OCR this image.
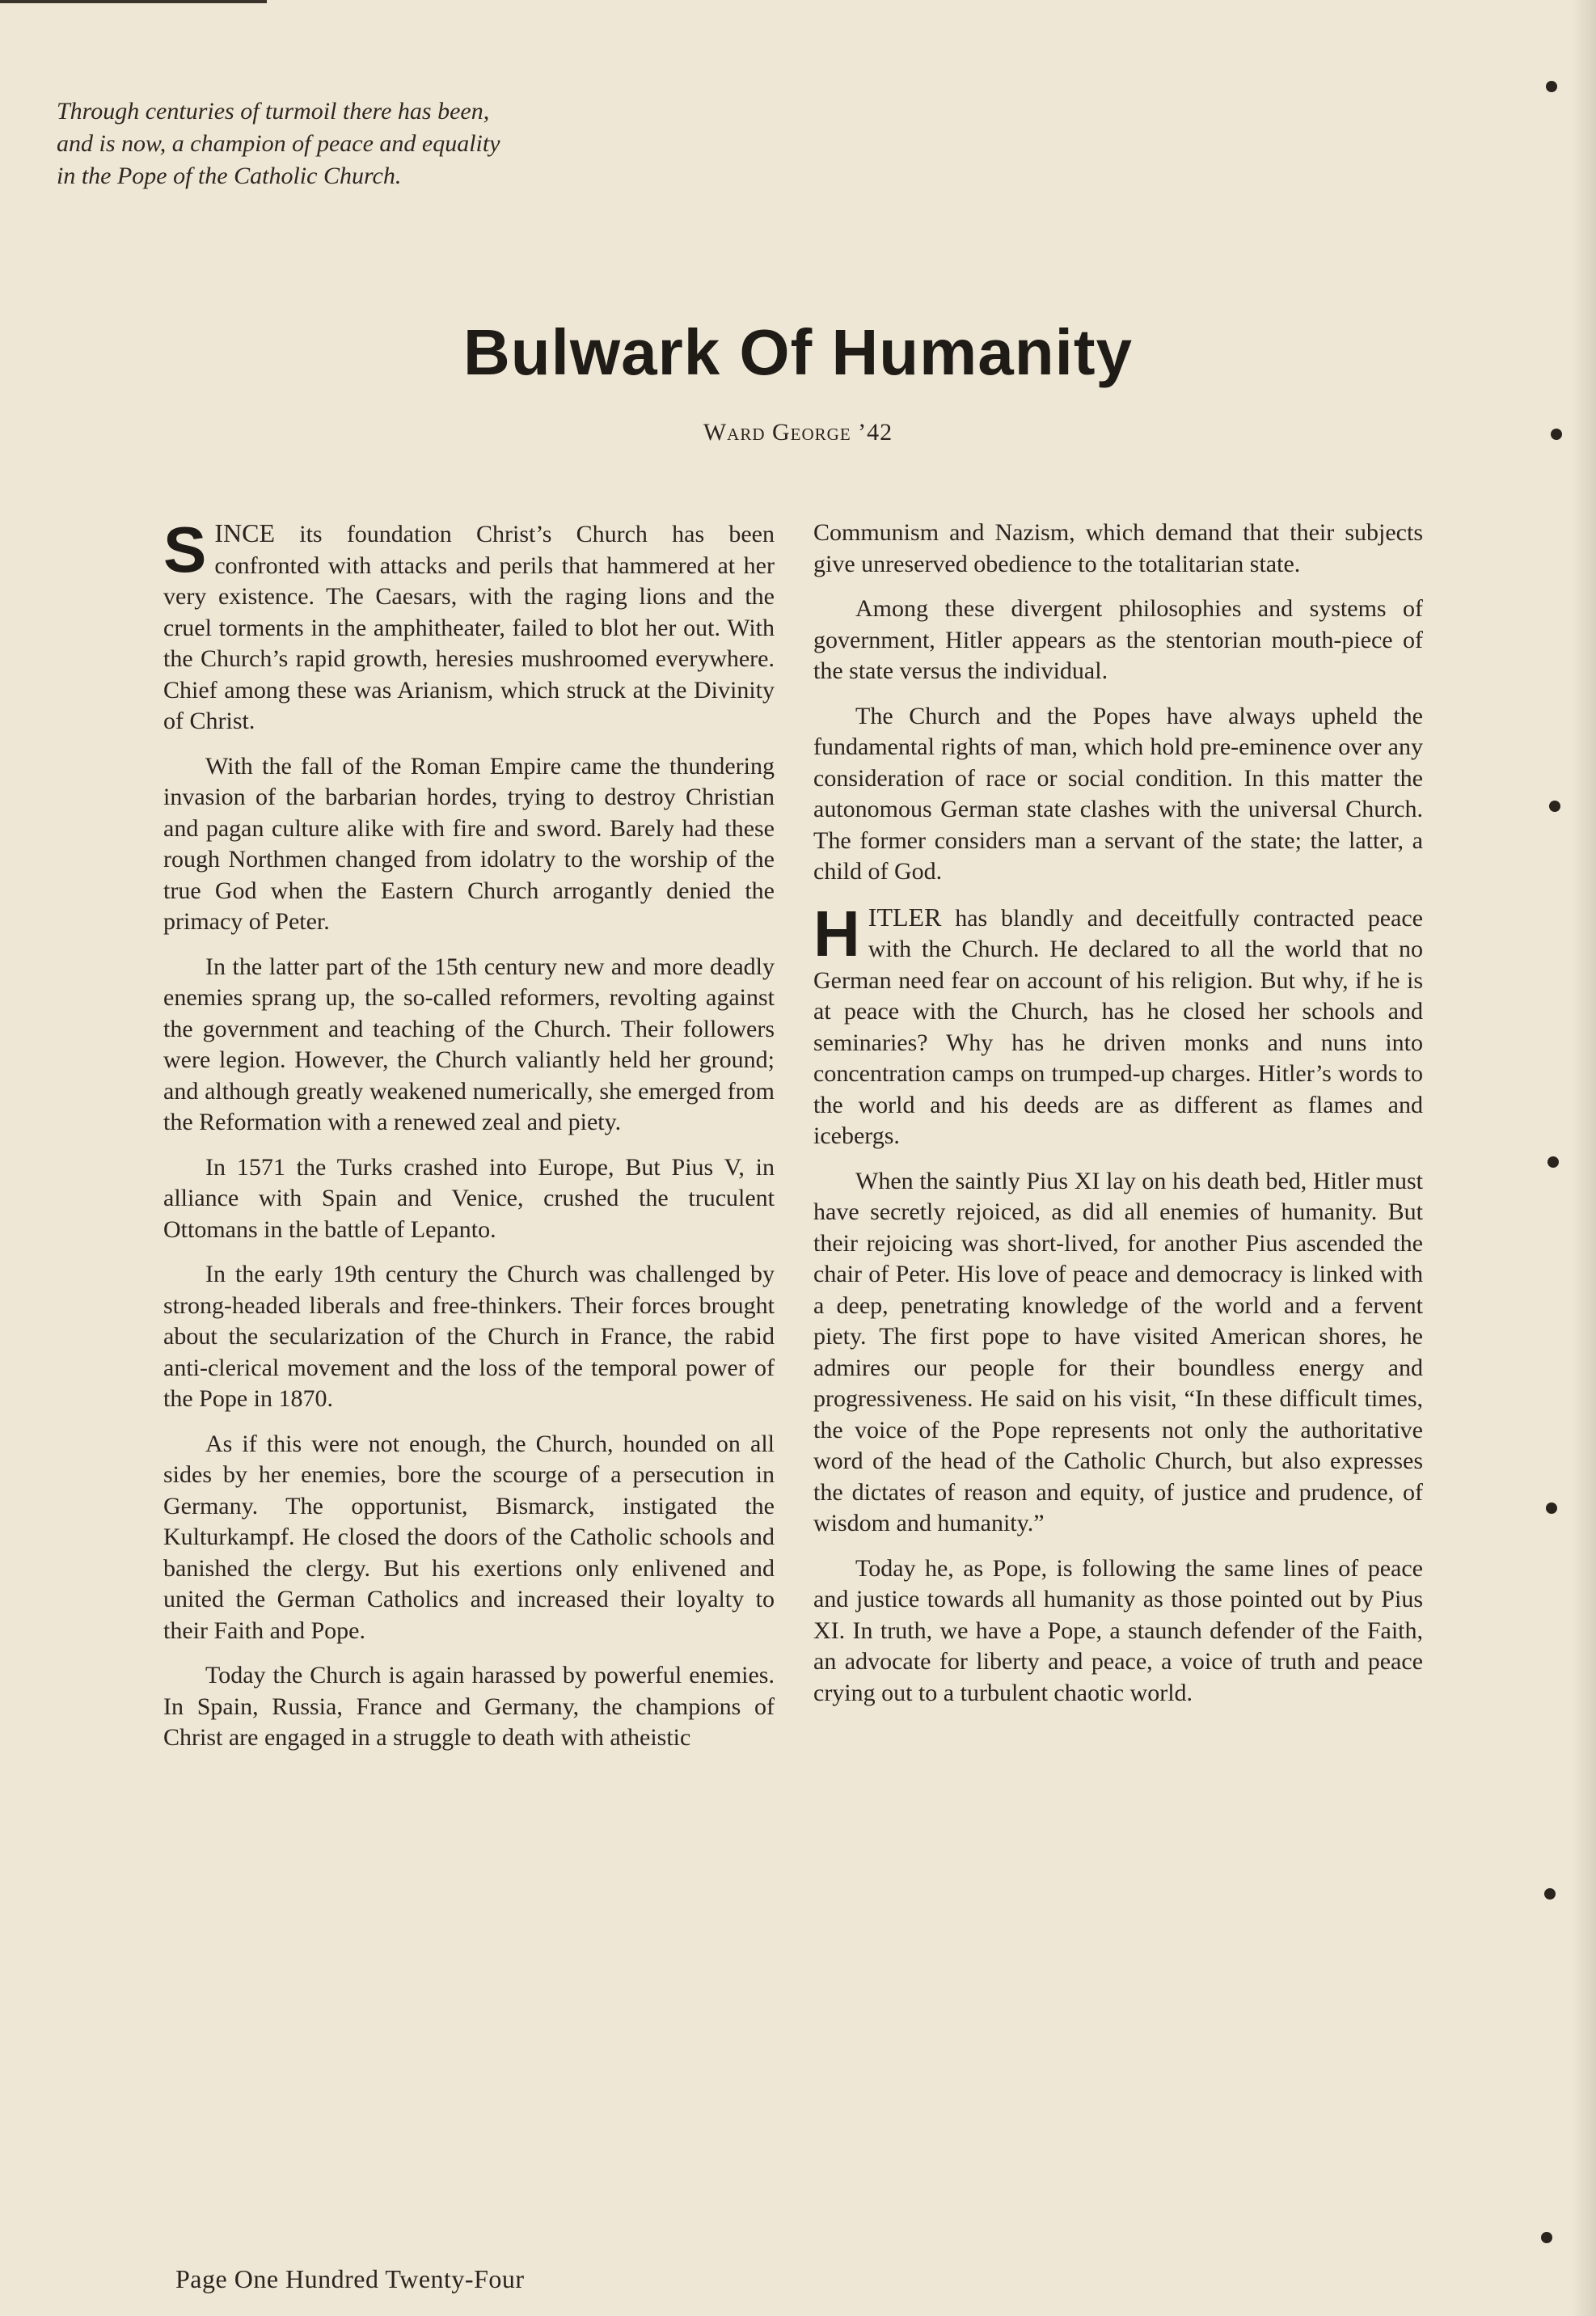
Through centuries of turmoil there has been,
and is now, a champion of peace and equality
in the Pope of the Catholic Church.
Bulwark Of Humanity
Ward George ’42

SINCE its foundation Christ’s Church has been confronted with attacks and perils that hammered at her very existence. The Caesars, with the raging lions and the cruel torments in the amphitheater, failed to blot her out. With the Church’s rapid growth, heresies mushroomed everywhere. Chief among these was Arianism, which struck at the Divinity of Christ.

With the fall of the Roman Empire came the thundering invasion of the barbarian hordes, trying to destroy Christian and pagan culture alike with fire and sword. Barely had these rough Northmen changed from idolatry to the worship of the true God when the Eastern Church arrogantly denied the primacy of Peter.

In the latter part of the 15th century new and more deadly enemies sprang up, the so-called reformers, revolting against the government and teaching of the Church. Their followers were legion. However, the Church valiantly held her ground; and although greatly weakened numerically, she emerged from the Reformation with a renewed zeal and piety.

In 1571 the Turks crashed into Europe, But Pius V, in alliance with Spain and Venice, crushed the truculent Ottomans in the battle of Lepanto.

In the early 19th century the Church was challenged by strong-headed liberals and free-thinkers. Their forces brought about the secularization of the Church in France, the rabid anti-clerical movement and the loss of the temporal power of the Pope in 1870.

As if this were not enough, the Church, hounded on all sides by her enemies, bore the scourge of a persecution in Germany. The opportunist, Bismarck, instigated the Kulturkampf. He closed the doors of the Catholic schools and banished the clergy. But his exertions only enlivened and united the German Catholics and increased their loyalty to their Faith and Pope.

Today the Church is again harassed by powerful enemies. In Spain, Russia, France and Germany, the champions of Christ are engaged in a struggle to death with atheistic

Communism and Nazism, which demand that their subjects give unreserved obedience to the totalitarian state.

Among these divergent philosophies and systems of government, Hitler appears as the stentorian mouth-piece of the state versus the individual.

The Church and the Popes have always upheld the fundamental rights of man, which hold pre-eminence over any consideration of race or social condition. In this matter the autonomous German state clashes with the universal Church. The former considers man a servant of the state; the latter, a child of God.

HITLER has blandly and deceitfully contracted peace with the Church. He declared to all the world that no German need fear on account of his religion. But why, if he is at peace with the Church, has he closed her schools and seminaries? Why has he driven monks and nuns into concentration camps on trumped-up charges. Hitler’s words to the world and his deeds are as different as flames and icebergs.

When the saintly Pius XI lay on his death bed, Hitler must have secretly rejoiced, as did all enemies of humanity. But their rejoicing was short-lived, for another Pius ascended the chair of Peter. His love of peace and democracy is linked with a deep, penetrating knowledge of the world and a fervent piety. The first pope to have visited American shores, he admires our people for their boundless energy and progressiveness. He said on his visit, “In these difficult times, the voice of the Pope represents not only the authoritative word of the head of the Catholic Church, but also expresses the dictates of reason and equity, of justice and prudence, of wisdom and humanity.”

Today he, as Pope, is following the same lines of peace and justice towards all humanity as those pointed out by Pius XI. In truth, we have a Pope, a staunch defender of the Faith, an advocate for liberty and peace, a voice of truth and peace crying out to a turbulent chaotic world.

Page One Hundred Twenty-Four
